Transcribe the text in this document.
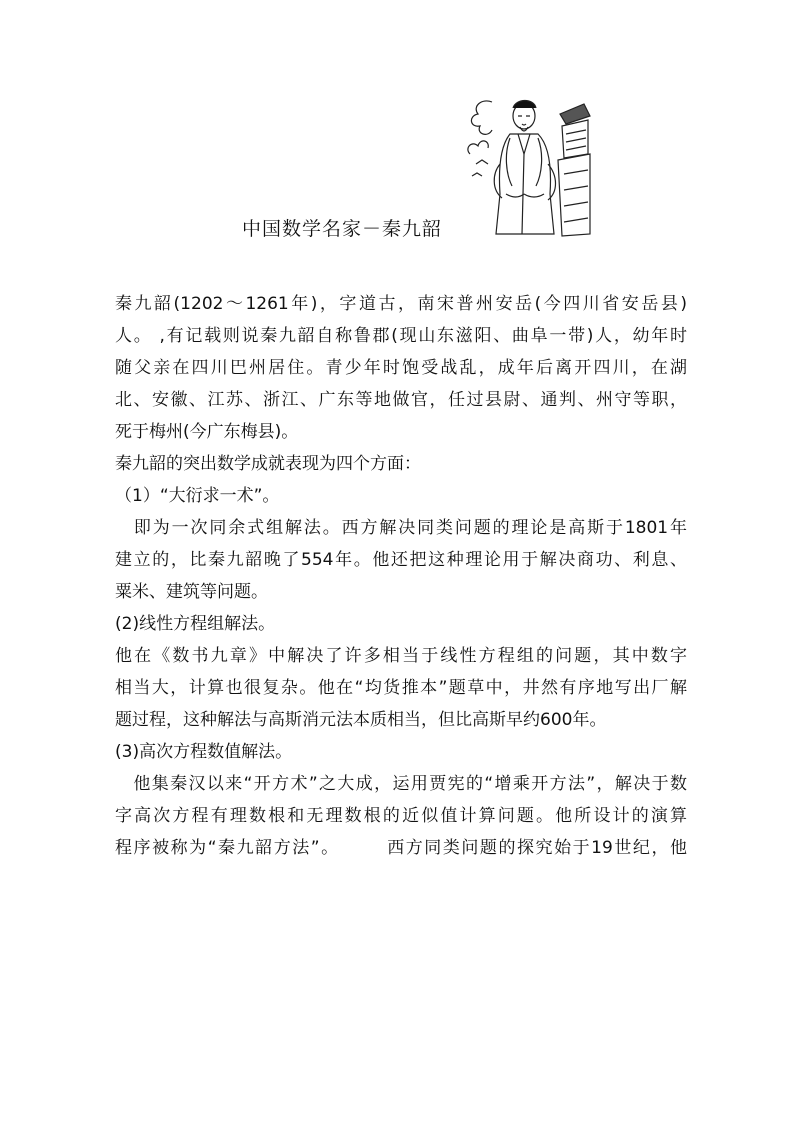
中国数学名家－秦九韶
秦九韶(1202～1261年)，字道古，南宋普州安岳(今四川省安岳县)
人。 ,有记载则说秦九韶自称鲁郡(现山东滋阳、曲阜一带)人，幼年时
随父亲在四川巴州居住。青少年时饱受战乱，成年后离开四川，在湖
北、安徽、江苏、浙江、广东等地做官，任过县尉、通判、州守等职，
死于梅州(今广东梅县)。
秦九韶的突出数学成就表现为四个方面：
（1）“大衍求一术”。
　即为一次同余式组解法。西方解决同类问题的理论是高斯于1801年
建立的，比秦九韶晚了554年。他还把这种理论用于解决商功、利息、
粟米、建筑等问题。
(2)线性方程组解法。
他在《数书九章》中解决了许多相当于线性方程组的问题，其中数字
相当大，计算也很复杂。他在“均货推本”题草中，井然有序地写出厂解
题过程，这种解法与高斯消元法本质相当，但比高斯早约600年。
(3)高次方程数值解法。
　他集秦汉以来“开方术”之大成，运用贾宪的“增乘开方法”，解决于数
字高次方程有理数根和无理数根的近似值计算问题。他所设计的演算
程序被称为“秦九韶方法”。	西方同类问题的探究始于19世纪，他
